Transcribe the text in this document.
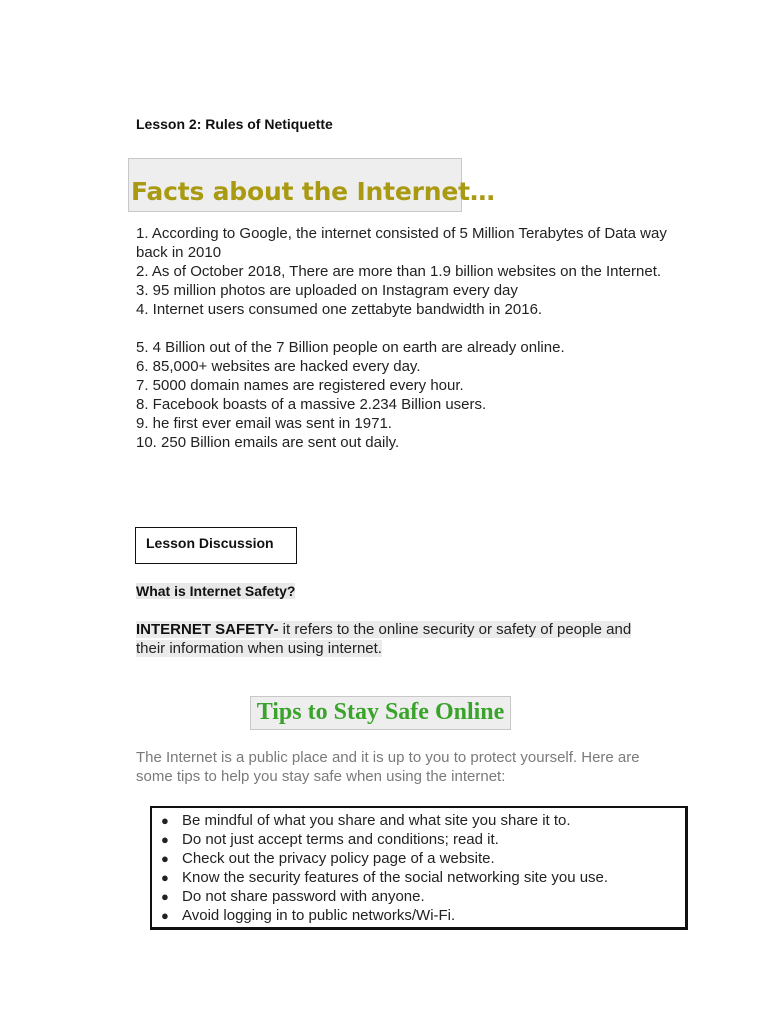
Lesson 2: Rules of Netiquette
Facts about the Internet…
1. According to Google, the internet consisted of 5 Million Terabytes of Data way back in 2010
2. As of October 2018, There are more than 1.9 billion websites on the Internet.
3. 95 million photos are uploaded on Instagram every day
4. Internet users consumed one zettabyte bandwidth in 2016.
5. 4 Billion out of the 7 Billion people on earth are already online.
6. 85,000+ websites are hacked every day.
7. 5000 domain names are registered every hour.
8. Facebook boasts of a massive 2.234 Billion users.
9. he first ever email was sent in 1971.
10. 250 Billion emails are sent out daily.
Lesson Discussion
What is Internet Safety?
INTERNET SAFETY- it refers to the online security or safety of people and their information when using internet.
Tips to Stay Safe Online
The Internet is a public place and it is up to you to protect yourself. Here are some tips to help you stay safe when using the internet:
● Be mindful of what you share and what site you share it to.
● Do not just accept terms and conditions; read it.
● Check out the privacy policy page of a website.
● Know the security features of the social networking site you use.
● Do not share password with anyone.
● Avoid logging in to public networks/Wi-Fi.
